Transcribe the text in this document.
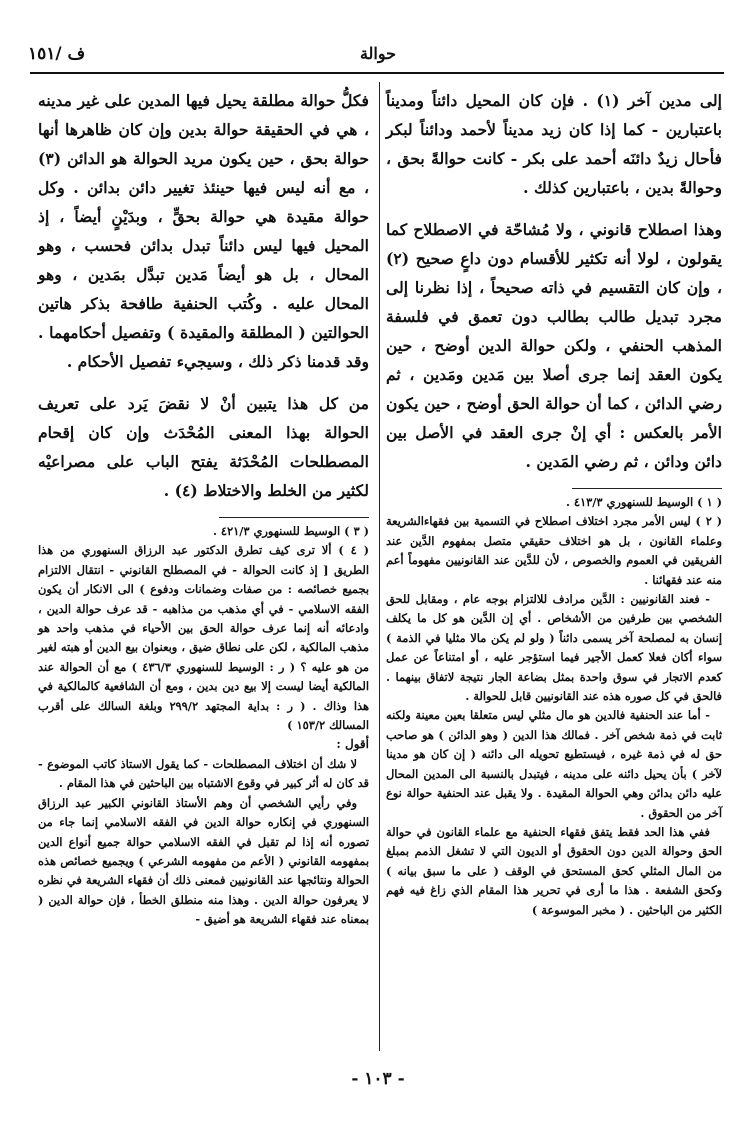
ف /١٥١	حوالة

إلى مدين آخر (١) . فإن كان المحيل دائناً ومديناً باعتبارين - كما إذا كان زيد مديناً لأحمد ودائناً لبكر فأحال زيدٌ دائنَه أحمد على بكر - كانت حوالةً بحق ، وحوالةً بدين ، باعتبارين كذلك .

وهذا اصطلاح قانوني ، ولا مُشاحّة في الاصطلاح كما يقولون ، لولا أنه تكثير للأقسام دون داعٍ صحيح (٢) ، وإن كان التقسيم في ذاته صحيحاً ، إذا نظرنا إلى مجرد تبديل طالب بطالب دون تعمق في فلسفة المذهب الحنفي ، ولكن حوالة الدين أوضح ، حين يكون العقد إنما جرى أصلا بين مَدين ومَدين ، ثم رضي الدائن ، كما أن حوالة الحق أوضح ، حين يكون الأمر بالعكس : أي إنْ جرى العقد في الأصل بين دائن ودائن ، ثم رضي المَدين .

( ١ ) الوسيط للسنهوري ٤١٣/٣ .

( ٢ ) ليس الأمر مجرد اختلاف اصطلاح في التسمية بين فقهاءالشريعة وعلماء القانون ، بل هو اختلاف حقيقي متصل بمفهوم الدَّين عند الفريقين في العموم والخصوص ، لأن للدَّين عند القانونيين مفهوماً أعم منه عند فقهائنا .

- فعند القانونيين : الدَّين مرادف للالتزام بوجه عام ، ومقابل للحق الشخصي بين طرفين من الأشخاص . أي إن الدَّين هو كل ما يكلف إنسان به لمصلحة آخر يسمى دائناً ( ولو لم يكن مالا مثليا في الذمة ) سواء أكان فعلا كعمل الأجير فيما استؤجر عليه ، أو امتناعاً عن عمل كعدم الاتجار في سوق واحدة بمثل بضاعة الجار نتيجة لاتفاق بينهما . فالحق في كل صوره هذه عند القانونيين قابل للحوالة .

- أما عند الحنفية فالدين هو مال مثلي ليس متعلقا بعين معينة ولكنه ثابت في ذمة شخص آخر . فمالك هذا الدين ( وهو الدائن ) هو صاحب حق له في ذمة غيره ، فيستطيع تحويله الى دائنه ( إن كان هو مدينا لآخر ) بأن يحيل دائنه على مدينه ، فيتبدل بالنسبة الى المدين المحال عليه دائن بدائن وهي الحوالة المقيدة . ولا يقبل عند الحنفية حوالة نوع آخر من الحقوق .

ففي هذا الحد فقط يتفق فقهاء الحنفية مع علماء القانون في حوالة الحق وحوالة الدين دون الحقوق أو الديون التي لا تشغل الذمم بمبلغ من المال المثلي كحق المستحق في الوقف ( على ما سبق بيانه ) وكحق الشفعة . هذا ما أرى في تحرير هذا المقام الذي زاغ فيه فهم الكثير من الباحثين . ( مخبر الموسوعة )

فكلُّ حوالة مطلقة يحيل فيها المدين على غير مدينه ، هي في الحقيقة حوالة بدين وإن كان ظاهرها أنها حوالة بحق ، حين يكون مريد الحوالة هو الدائن (٣) ، مع أنه ليس فيها حينئذ تغيير دائن بدائن . وكل حوالة مقيدة هي حوالة بحقٍّ ، وبدَيْنٍ أيضاً ، إذ المحيل فيها ليس دائناً تبدل بدائن فحسب ، وهو المحال ، بل هو أيضاً مَدين تبدَّل بمَدين ، وهو المحال عليه . وكُتب الحنفية طافحة بذكر هاتين الحوالتين ( المطلقة والمقيدة ) وتفصيل أحكامهما . وقد قدمنا ذكر ذلك ، وسيجيء تفصيل الأحكام .

من كل هذا يتبين أنْ لا نقضَ يَرد على تعريف الحوالة بهذا المعنى المُحْدَث وإن كان إقحام المصطلحات المُحْدَثة يفتح الباب على مصراعيْه لكثير من الخلط والاختلاط (٤) .

( ٣ ) الوسيط للسنهوري ٤٢١/٣ .

( ٤ ) ألا ترى كيف تطرق الدكتور عبد الرزاق السنهوري من هذا الطريق [ إذ كانت الحوالة - في المصطلح القانوني - انتقال الالتزام بجميع خصائصه : من صفات وضمانات ودفوع ) الى الانكار أن يكون الفقه الاسلامي - في أي مذهب من مذاهبه - قد عرف حوالة الدين ، وادعائه أنه إنما عرف حوالة الحق بين الأحياء في مذهب واحد هو مذهب المالكية ، لكن على نطاق ضيق ، وبعنوان بيع الدين أو هبته لغير من هو عليه ؟ ( ر : الوسيط للسنهوري ٤٣٦/٣ ) مع أن الحوالة عند المالكية أيضا ليست إلا بيع دين بدين ، ومع أن الشافعية كالمالكية في هذا وذاك . ( ر : بداية المجتهد ٢٩٩/٢ وبلغة السالك على أقرب المسالك ١٥٣/٢ )

أقول :

لا شك أن اختلاف المصطلحات - كما يقول الاستاذ كاتب الموضوع - قد كان له أثر كبير في وقوع الاشتباه بين الباحثين في هذا المقام .

وفي رأيي الشخصي أن وهم الأستاذ القانوني الكبير عبد الرزاق السنهوري في إنكاره حوالة الدين في الفقه الاسلامي إنما جاء من تصوره أنه إذا لم تقبل في الفقه الاسلامي حوالة جميع أنواع الدين بمفهومه القانوني ( الأعم من مفهومه الشرعي ) ويجميع خصائص هذه الحوالة ونتائجها عند القانونيين فمعنى ذلك أن فقهاء الشريعة في نظره لا يعرفون حوالة الدين . وهذا منه منطلق الخطأ ، فإن حوالة الدين ( بمعناه عند فقهاء الشريعة هو أضيق -

- ١٠٣ -
